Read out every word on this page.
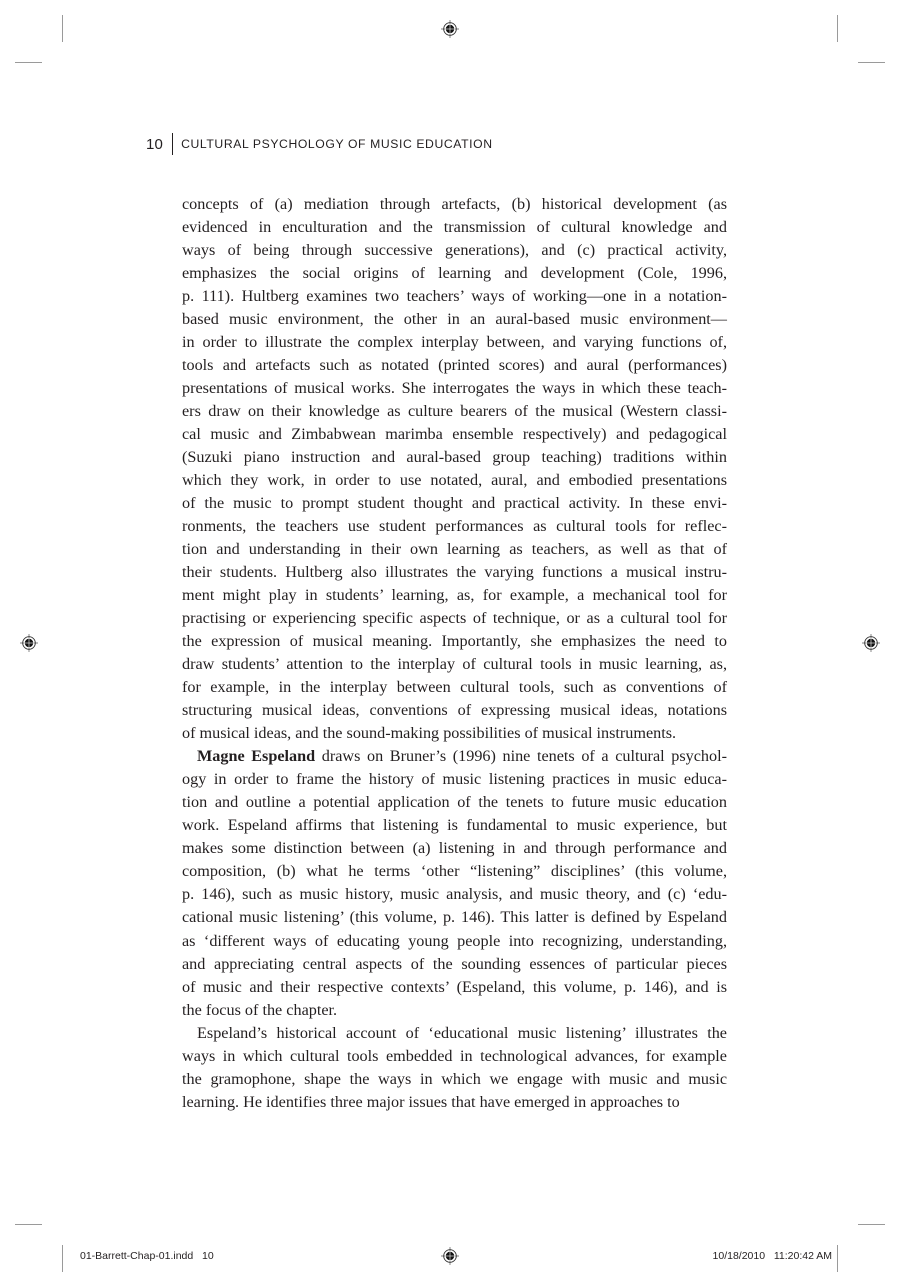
10 CULTURAL PSYCHOLOGY OF MUSIC EDUCATION
concepts of (a) mediation through artefacts, (b) historical development (as
evidenced in enculturation and the transmission of cultural knowledge and
ways of being through successive generations), and (c) practical activity,
emphasizes the social origins of learning and development (Cole, 1996,
p. 111). Hultberg examines two teachers’ ways of working—one in a notation-
based music environment, the other in an aural-based music environment—
in order to illustrate the complex interplay between, and varying functions of,
tools and artefacts such as notated (printed scores) and aural (performances)
presentations of musical works. She interrogates the ways in which these teach-
ers draw on their knowledge as culture bearers of the musical (Western classi-
cal music and Zimbabwean marimba ensemble respectively) and pedagogical
(Suzuki piano instruction and aural-based group teaching) traditions within
which they work, in order to use notated, aural, and embodied presentations
of the music to prompt student thought and practical activity. In these envi-
ronments, the teachers use student performances as cultural tools for reflec-
tion and understanding in their own learning as teachers, as well as that of
their students. Hultberg also illustrates the varying functions a musical instru-
ment might play in students’ learning, as, for example, a mechanical tool for
practising or experiencing specific aspects of technique, or as a cultural tool for
the expression of musical meaning. Importantly, she emphasizes the need to
draw students’ attention to the interplay of cultural tools in music learning, as,
for example, in the interplay between cultural tools, such as conventions of
structuring musical ideas, conventions of expressing musical ideas, notations
of musical ideas, and the sound-making possibilities of musical instruments.
Magne Espeland draws on Bruner’s (1996) nine tenets of a cultural psychol-
ogy in order to frame the history of music listening practices in music educa-
tion and outline a potential application of the tenets to future music education
work. Espeland affirms that listening is fundamental to music experience, but
makes some distinction between (a) listening in and through performance and
composition, (b) what he terms ‘other “listening” disciplines’ (this volume,
p. 146), such as music history, music analysis, and music theory, and (c) ‘edu-
cational music listening’ (this volume, p. 146). This latter is defined by Espeland
as ‘different ways of educating young people into recognizing, understanding,
and appreciating central aspects of the sounding essences of particular pieces
of music and their respective contexts’ (Espeland, this volume, p. 146), and is
the focus of the chapter.
Espeland’s historical account of ‘educational music listening’ illustrates the
ways in which cultural tools embedded in technological advances, for example
the gramophone, shape the ways in which we engage with music and music
learning. He identifies three major issues that have emerged in approaches to
01-Barrett-Chap-01.indd   10	10/18/2010   11:20:42 AM
